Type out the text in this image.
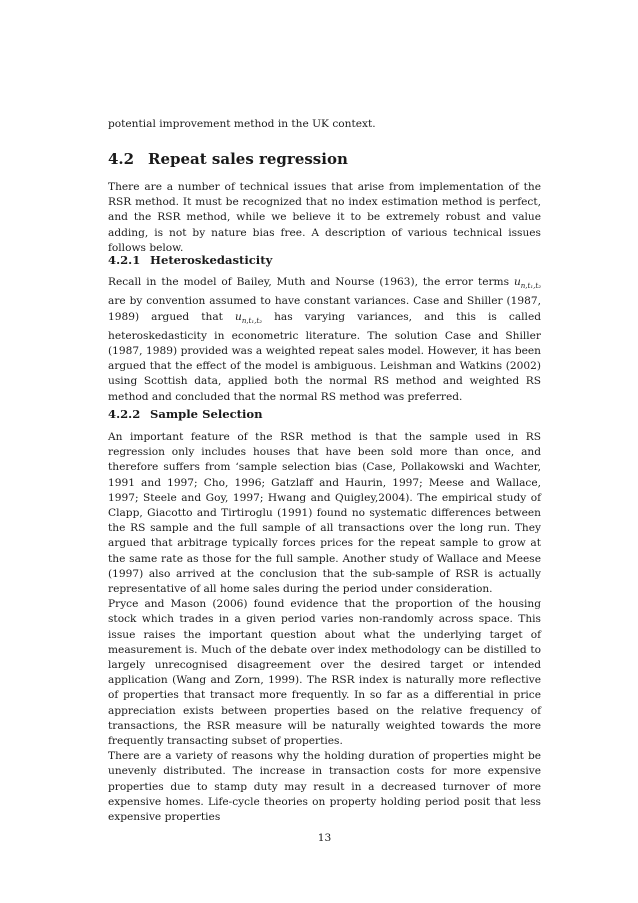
potential improvement method in the UK context.
4.2 Repeat sales regression

There are a number of technical issues that arise from implementation of the RSR method. It must be recognized that no index estimation method is perfect, and the RSR method, while we believe it to be extremely robust and value adding, is not by nature bias free. A description of various technical issues follows below.

4.2.1 Heteroskedasticity

Recall in the model of Bailey, Muth and Nourse (1963), the error terms $u_{n,t_1,t_2}$ are by convention assumed to have constant variances. Case and Shiller (1987, 1989) argued that $u_{n,t_1,t_2}$ has varying variances, and this is called heteroskedasticity in econometric literature. The solution Case and Shiller (1987, 1989) provided was a weighted repeat sales model. However, it has been argued that the effect of the model is ambiguous. Leishman and Watkins (2002) using Scottish data, applied both the normal RS method and weighted RS method and concluded that the normal RS method was preferred.

4.2.2 Sample Selection

An important feature of the RSR method is that the sample used in RS regression only includes houses that have been sold more than once, and therefore suffers from ‘sample selection bias (Case, Pollakowski and Wachter, 1991 and 1997; Cho, 1996; Gatzlaff and Haurin, 1997; Meese and Wallace, 1997; Steele and Goy, 1997; Hwang and Quigley,2004). The empirical study of Clapp, Giacotto and Tirtiroglu (1991) found no systematic differences between the RS sample and the full sample of all transactions over the long run. They argued that arbitrage typically forces prices for the repeat sample to grow at the same rate as those for the full sample. Another study of Wallace and Meese (1997) also arrived at the conclusion that the sub-sample of RSR is actually representative of all home sales during the period under consideration.

Pryce and Mason (2006) found evidence that the proportion of the housing stock which trades in a given period varies non-randomly across space. This issue raises the important question about what the underlying target of measurement is. Much of the debate over index methodology can be distilled to largely unrecognised disagreement over the desired target or intended application (Wang and Zorn, 1999). The RSR index is naturally more reflective of properties that transact more frequently. In so far as a differential in price appreciation exists between properties based on the relative frequency of transactions, the RSR measure will be naturally weighted towards the more frequently transacting subset of properties.

There are a variety of reasons why the holding duration of properties might be unevenly distributed. The increase in transaction costs for more expensive properties due to stamp duty may result in a decreased turnover of more expensive homes. Life-cycle theories on property holding period posit that less expensive properties

13
